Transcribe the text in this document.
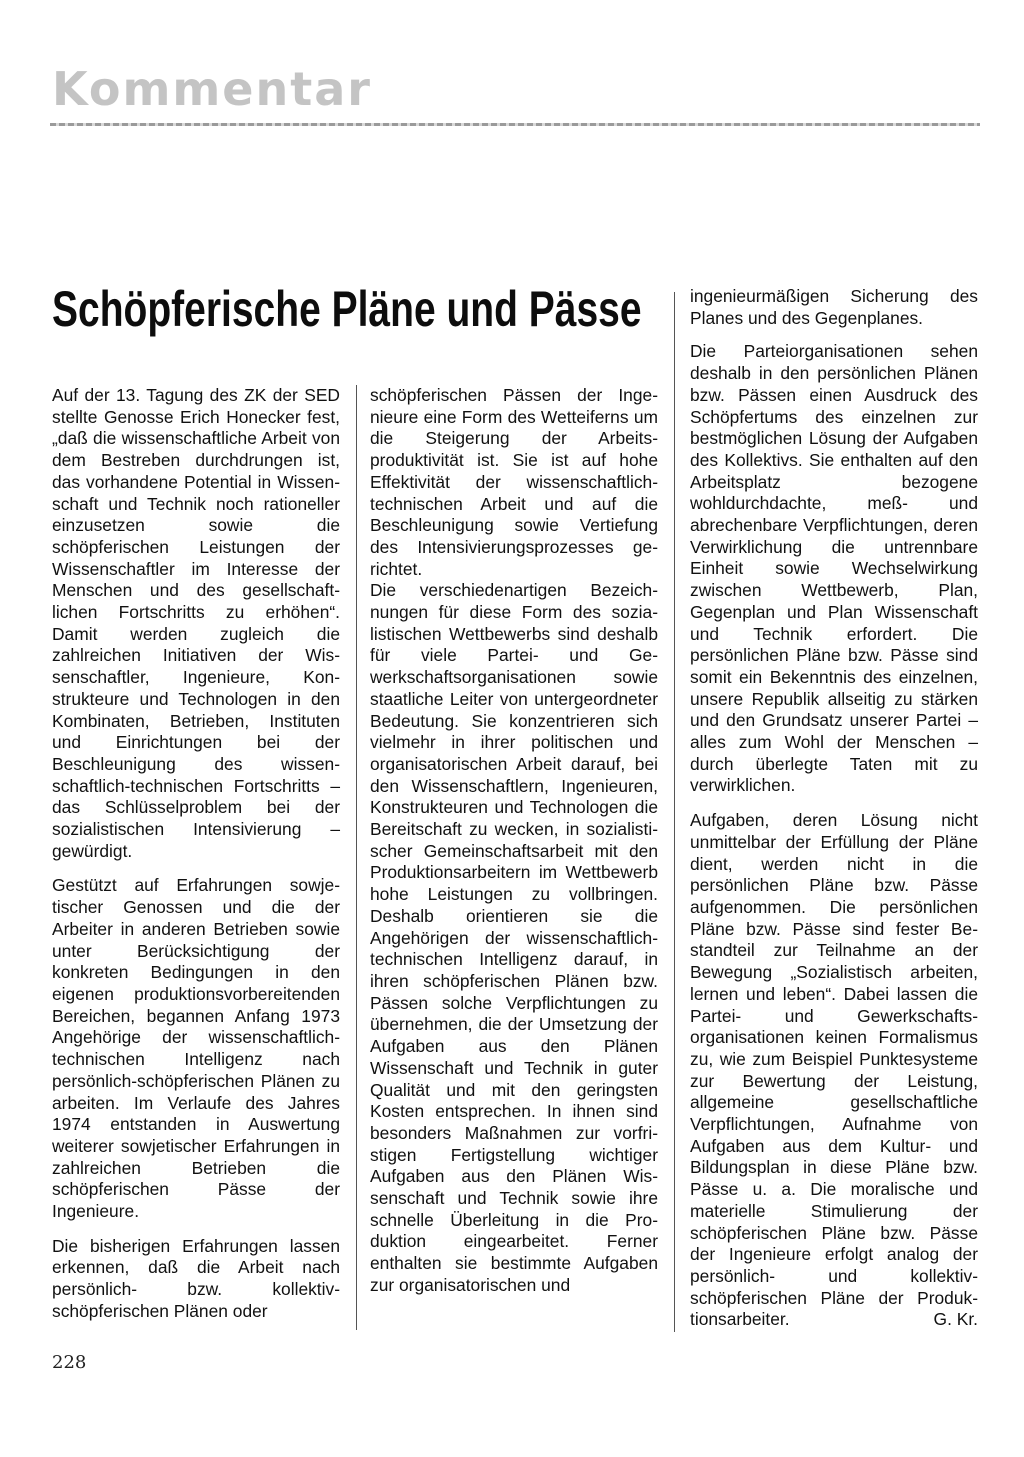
Kommentar
Schöpferische Pläne und Pässe

Auf der 13. Tagung des ZK der SED stellte Genosse Erich Honecker fest, „daß die wissenschaftliche Arbeit von dem Bestreben durchdrungen ist, das vorhandene Potential in Wissenschaft und Technik noch rationeller einzusetzen sowie die schöpferischen Leistungen der Wissenschaftler im Interesse der Menschen und des gesellschaftlichen Fortschritts zu erhöhen“. Damit werden zugleich die zahlreichen Initiativen der Wissenschaftler, Ingenieure, Konstrukteure und Technologen in den Kombinaten, Betrieben, Instituten und Einrichtungen bei der Beschleunigung des wissenschaftlich-technischen Fortschritts – das Schlüsselproblem bei der sozialistischen Intensivierung – gewürdigt.

Gestützt auf Erfahrungen sowjetischer Genossen und die der Arbeiter in anderen Betrieben sowie unter Berücksichtigung der konkreten Bedingungen in den eigenen produktionsvorbereitenden Bereichen, begannen Anfang 1973 Angehörige der wissenschaftlich-technischen Intelligenz nach persönlich-schöpferischen Plänen zu arbeiten. Im Verlaufe des Jahres 1974 entstanden in Auswertung weiterer sowjetischer Erfahrungen in zahlreichen Betrieben die schöpferischen Pässe der Ingenieure.

Die bisherigen Erfahrungen lassen erkennen, daß die Arbeit nach persönlich- bzw. kollektivschöpferischen Plänen oder

schöpferischen Pässen der Ingenieure eine Form des Wetteiferns um die Steigerung der Arbeitsproduktivität ist. Sie ist auf hohe Effektivität der wissenschaftlichtechnischen Arbeit und auf die Beschleunigung sowie Vertiefung des Intensivierungsprozesses gerichtet.

Die verschiedenartigen Bezeichnungen für diese Form des sozialistischen Wettbewerbs sind deshalb für viele Partei- und Gewerkschaftsorganisationen sowie staatliche Leiter von untergeordneter Bedeutung. Sie konzentrieren sich vielmehr in ihrer politischen und organisatorischen Arbeit darauf, bei den Wissenschaftlern, Ingenieuren, Konstrukteuren und Technologen die Bereitschaft zu wecken, in sozialistischer Gemeinschaftsarbeit mit den Produktionsarbeitern im Wettbewerb hohe Leistungen zu vollbringen. Deshalb orientieren sie die Angehörigen der wissenschaftlich-technischen Intelligenz darauf, in ihren schöpferischen Plänen bzw. Pässen solche Verpflichtungen zu übernehmen, die der Umsetzung der Aufgaben aus den Plänen Wissenschaft und Technik in guter Qualität und mit den geringsten Kosten entsprechen. In ihnen sind besonders Maßnahmen zur vorfristigen Fertigstellung wichtiger Aufgaben aus den Plänen Wissenschaft und Technik sowie ihre schnelle Überleitung in die Produktion eingearbeitet. Ferner enthalten sie bestimmte Aufgaben zur organisatorischen und

ingenieurmäßigen Sicherung des Planes und des Gegenplanes.

Die Parteiorganisationen sehen deshalb in den persönlichen Plänen bzw. Pässen einen Ausdruck des Schöpfertums des einzelnen zur bestmöglichen Lösung der Aufgaben des Kollektivs. Sie enthalten auf den Arbeitsplatz bezogene wohldurchdachte, meß- und abrechenbare Verpflichtungen, deren Verwirklichung die untrennbare Einheit sowie Wechselwirkung zwischen Wettbewerb, Plan, Gegenplan und Plan Wissenschaft und Technik erfordert. Die persönlichen Pläne bzw. Pässe sind somit ein Bekenntnis des einzelnen, unsere Republik allseitig zu stärken und den Grundsatz unserer Partei – alles zum Wohl der Menschen – durch überlegte Taten mit zu verwirklichen.

Aufgaben, deren Lösung nicht unmittelbar der Erfüllung der Pläne dient, werden nicht in die persönlichen Pläne bzw. Pässe aufgenommen. Die persönlichen Pläne bzw. Pässe sind fester Bestandteil zur Teilnahme an der Bewegung „Sozialistisch arbeiten, lernen und leben“. Dabei lassen die Partei- und Gewerkschaftsorganisationen keinen Formalismus zu, wie zum Beispiel Punktesysteme zur Bewertung der Leistung, allgemeine gesellschaftliche Verpflichtungen, Aufnahme von Aufgaben aus dem Kultur- und Bildungsplan in diese Pläne bzw. Pässe u. a. Die moralische und materielle Stimulierung der schöpferischen Pläne bzw. Pässe der Ingenieure erfolgt analog der persönlich- und kollektivschöpferischen Pläne der Produktionsarbeiter.	G. Kr.

228
